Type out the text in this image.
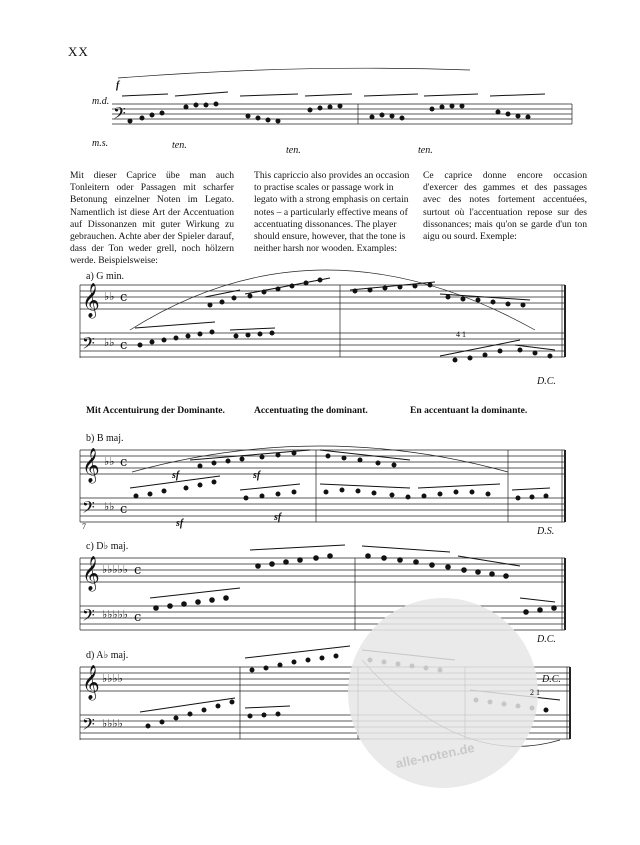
XX
𝄢
𝄞 ♭♭ c
𝄢 ♭♭ c
𝄞 ♭♭ c
𝄢 ♭♭ c
𝄞 ♭♭♭♭♭ c
𝄢 ♭♭♭♭♭ c
𝄞 ♭♭♭♭
𝄢 ♭♭♭♭
alle-noten.de
m.d.
m.s.
f
ten.	ten.	ten.
Mit dieser Caprice übe man auch Tonleitern oder Passagen mit scharfer Betonung einzelner Noten im Legato. Namentlich ist diese Art der Accentuation auf Dissonanzen mit guter Wirkung zu gebrauchen. Achte aber der Spieler darauf, dass der Ton weder grell, noch hölzern werde. Beispielsweise:
This capriccio also provides an occasion to practise scales or passage work in legato with a strong emphasis on certain notes – a particularly effective means of accentuating dissonances. The player should ensure, however, that the tone is neither harsh nor wooden. Examples:
Ce caprice donne encore occasion d'exercer des gammes et des passages avec des notes fortement accentuées, surtout où l'accentuation repose sur des dissonances; mais qu'on se garde d'un ton aigu ou sourd. Exemple:
a) G min.
4 1
D.C.
Mit Accentuirung der Dominante.	Accentuating the dominant.	En accentuant la dominante.
b) B maj.
7
sf	sf
sf
sf
D.S.
c) D♭ maj.
D.C.
d) A♭ maj.
D.C.
2 1
